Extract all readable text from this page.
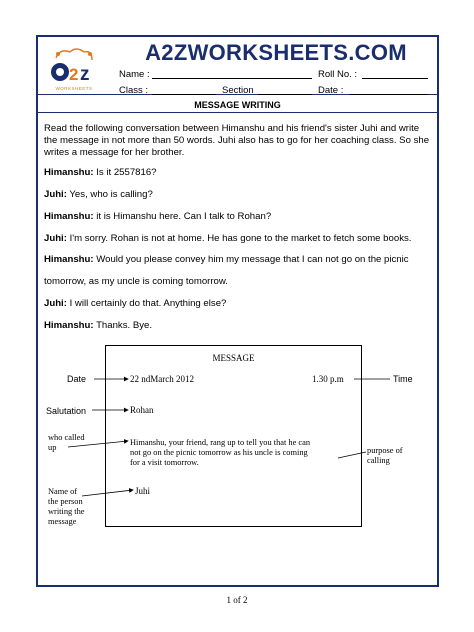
2 z
WORKSHEETS
A2ZWORKSHEETS.COM
Name :	Roll No. :
Class :	Section	Date :
MESSAGE WRITING
Read the following conversation between Himanshu and his friend's sister Juhi and write the message in not more than 50 words. Juhi also has to go for her coaching class. So she writes a message for her brother.
Himanshu: Is it 2557816?
Juhi: Yes, who is calling?
Himanshu: it is Himanshu here. Can I talk to Rohan?
Juhi: I'm sorry. Rohan is not at home. He has gone to the market to fetch some books.
Himanshu: Would you please convey him my message that I can not go on the picnic
tomorrow, as my uncle is coming tomorrow.
Juhi: I will certainly do that. Anything else?
Himanshu: Thanks. Bye.
MESSAGE
22 ndMarch 2012	1.30 p.m
Rohan
Himanshu, your friend, rang up to tell you that he can
not go on the picnic tomorrow as his uncle is coming
for a visit tomorrow.
Juhi
Date	Time
Salutation
who called
up	purpose of
calling
Name of
the person
writing the
message
1 of 2
